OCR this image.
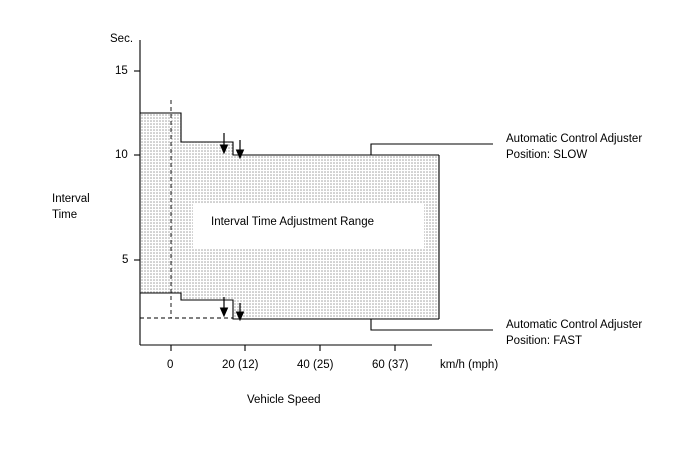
Sec.
15
10
5
Interval
Time
0	20 (12)	40 (25)	60 (37)	km/h (mph)
Vehicle Speed
Interval Time Adjustment Range
Automatic Control Adjuster
Position: SLOW
Automatic Control Adjuster
Position: FAST
